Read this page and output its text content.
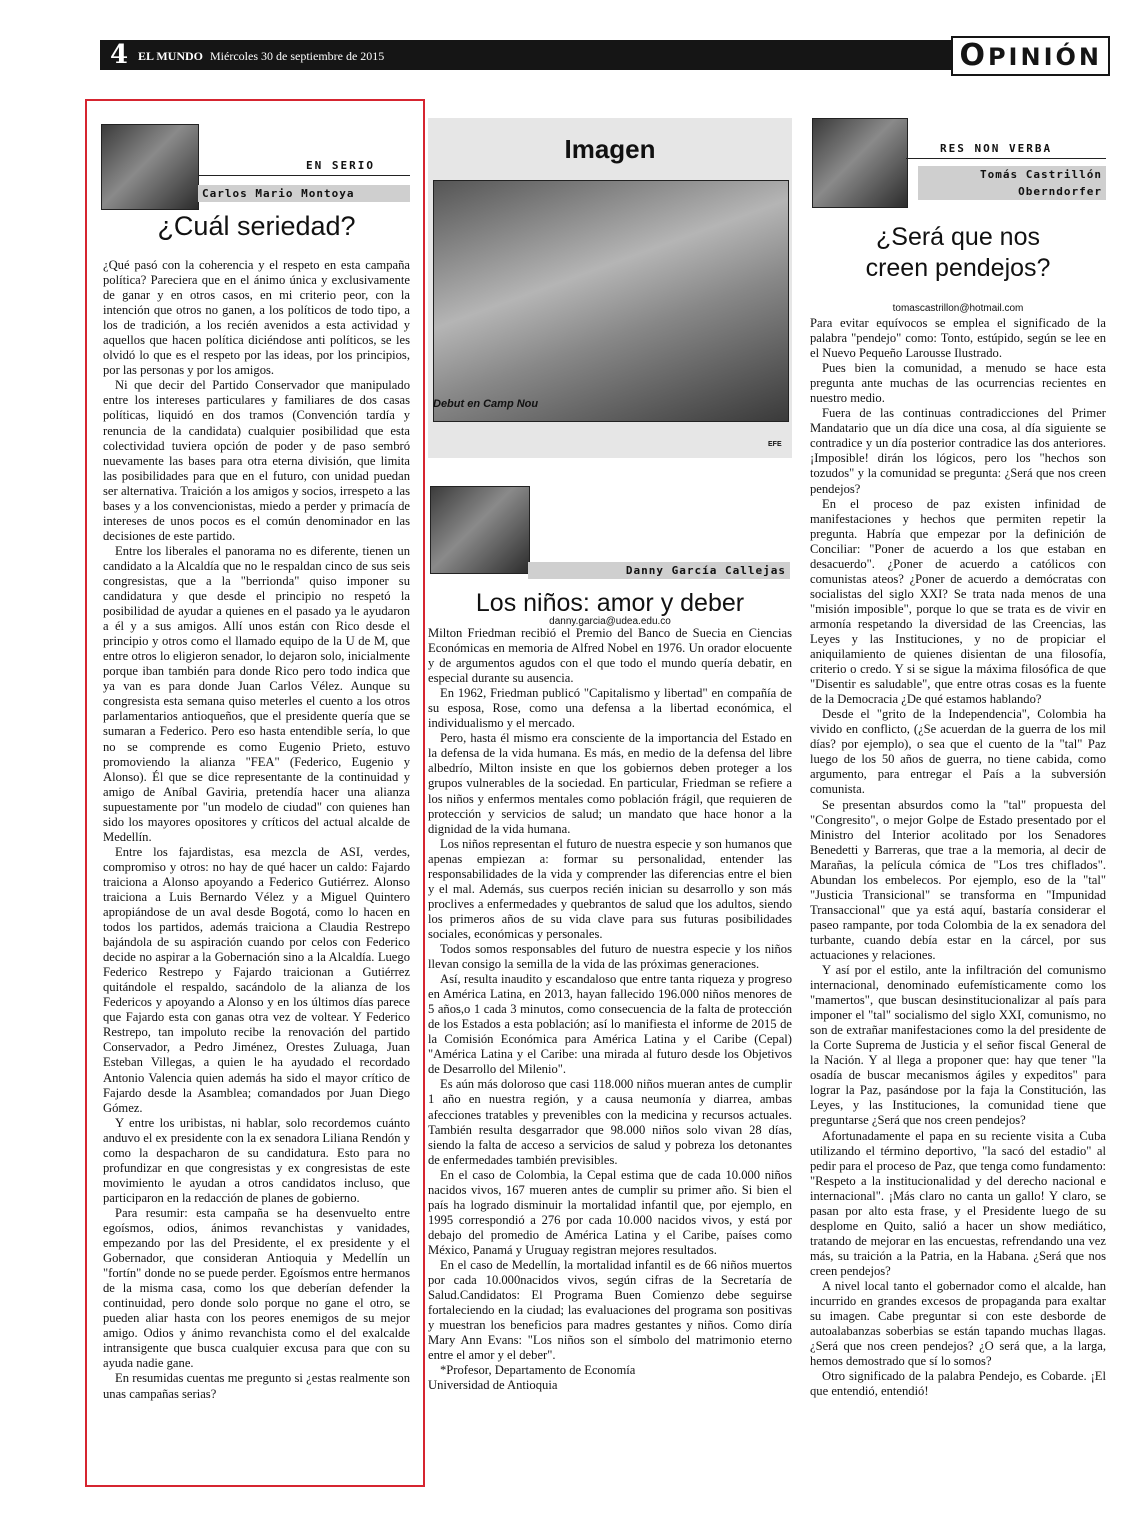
4 EL MUNDO Miércoles 30 de septiembre de 2015	OPINIÓN
EN SERIO
Carlos Mario Montoya
¿Cuál seriedad?

¿Qué pasó con la coherencia y el respeto en esta campaña política? Pareciera que en el ánimo única y exclusivamente de ganar y en otros casos, en mi criterio peor, con la intención que otros no ganen, a los políticos de todo tipo, a los de tradición, a los recién avenidos a esta actividad y aquellos que hacen política diciéndose anti políticos, se les olvidó lo que es el respeto por las ideas, por los principios, por las personas y por los amigos.

Ni que decir del Partido Conservador que manipulado entre los intereses particulares y familiares de dos casas políticas, liquidó en dos tramos (Convención tardía y renuncia de la candidata) cualquier posibilidad que esta colectividad tuviera opción de poder y de paso sembró nuevamente las bases para otra eterna división, que limita las posibilidades para que en el futuro, con unidad puedan ser alternativa. Traición a los amigos y socios, irrespeto a las bases y a los convencionistas, miedo a perder y primacía de intereses de unos pocos es el común denominador en las decisiones de este partido.

Entre los liberales el panorama no es diferente, tienen un candidato a la Alcaldía que no le respaldan cinco de sus seis congresistas, que a la "berrionda" quiso imponer su candidatura y que desde el principio no respetó la posibilidad de ayudar a quienes en el pasado ya le ayudaron a él y a sus amigos. Allí unos están con Rico desde el principio y otros como el llamado equipo de la U de M, que entre otros lo eligieron senador, lo dejaron solo, inicialmente porque iban también para donde Rico pero todo indica que ya van es para donde Juan Carlos Vélez. Aunque su congresista esta semana quiso meterles el cuento a los otros parlamentarios antioqueños, que el presidente quería que se sumaran a Federico. Pero eso hasta entendible sería, lo que no se comprende es como Eugenio Prieto, estuvo promoviendo la alianza "FEA" (Federico, Eugenio y Alonso). Él que se dice representante de la continuidad y amigo de Aníbal Gaviria, pretendía hacer una alianza supuestamente por "un modelo de ciudad" con quienes han sido los mayores opositores y críticos del actual alcalde de Medellín.

Entre los fajardistas, esa mezcla de ASI, verdes, compromiso y otros: no hay de qué hacer un caldo: Fajardo traiciona a Alonso apoyando a Federico Gutiérrez. Alonso traiciona a Luis Bernardo Vélez y a Miguel Quintero apropiándose de un aval desde Bogotá, como lo hacen en todos los partidos, además traiciona a Claudia Restrepo bajándola de su aspiración cuando por celos con Federico decide no aspirar a la Gobernación sino a la Alcaldía. Luego Federico Restrepo y Fajardo traicionan a Gutiérrez quitándole el respaldo, sacándolo de la alianza de los Federicos y apoyando a Alonso y en los últimos días parece que Fajardo esta con ganas otra vez de voltear. Y Federico Restrepo, tan impoluto recibe la renovación del partido Conservador, a Pedro Jiménez, Orestes Zuluaga, Juan Esteban Villegas, a quien le ha ayudado el recordado Antonio Valencia quien además ha sido el mayor crítico de Fajardo desde la Asamblea; comandados por Juan Diego Gómez.

Y entre los uribistas, ni hablar, solo recordemos cuánto anduvo el ex presidente con la ex senadora Liliana Rendón y como la despacharon de su candidatura. Esto para no profundizar en que congresistas y ex congresistas de este movimiento le ayudan a otros candidatos incluso, que participaron en la redacción de planes de gobierno.

Para resumir: esta campaña se ha desenvuelto entre egoísmos, odios, ánimos revanchistas y vanidades, empezando por las del Presidente, el ex presidente y el Gobernador, que consideran Antioquia y Medellín un "fortín" donde no se puede perder. Egoísmos entre hermanos de la misma casa, como los que deberían defender la continuidad, pero donde solo porque no gane el otro, se pueden aliar hasta con los peores enemigos de su mejor amigo. Odios y ánimo revanchista como el del exalcalde intransigente que busca cualquier excusa para que con su ayuda nadie gane.

En resumidas cuentas me pregunto si ¿estas realmente son unas campañas serias?

Imagen
Debut en Camp Nou
EFE
Danny García Callejas
Los niños: amor y deber
danny.garcia@udea.edu.co

Milton Friedman recibió el Premio del Banco de Suecia en Ciencias Económicas en memoria de Alfred Nobel en 1976. Un orador elocuente y de argumentos agudos con el que todo el mundo quería debatir, en especial durante su ausencia.

En 1962, Friedman publicó "Capitalismo y libertad" en compañía de su esposa, Rose, como una defensa a la libertad económica, el individualismo y el mercado.

Pero, hasta él mismo era consciente de la importancia del Estado en la defensa de la vida humana. Es más, en medio de la defensa del libre albedrío, Milton insiste en que los gobiernos deben proteger a los grupos vulnerables de la sociedad. En particular, Friedman se refiere a los niños y enfermos mentales como población frágil, que requieren de protección y servicios de salud; un mandato que hace honor a la dignidad de la vida humana.

Los niños representan el futuro de nuestra especie y son humanos que apenas empiezan a: formar su personalidad, entender las responsabilidades de la vida y comprender las diferencias entre el bien y el mal. Además, sus cuerpos recién inician su desarrollo y son más proclives a enfermedades y quebrantos de salud que los adultos, siendo los primeros años de su vida clave para sus futuras posibilidades sociales, económicas y personales.

Todos somos responsables del futuro de nuestra especie y los niños llevan consigo la semilla de la vida de las próximas generaciones.

Así, resulta inaudito y escandaloso que entre tanta riqueza y progreso en América Latina, en 2013, hayan fallecido 196.000 niños menores de 5 años,o 1 cada 3 minutos, como consecuencia de la falta de protección de los Estados a esta población; así lo manifiesta el informe de 2015 de la Comisión Económica para América Latina y el Caribe (Cepal) "América Latina y el Caribe: una mirada al futuro desde los Objetivos de Desarrollo del Milenio".

Es aún más doloroso que casi 118.000 niños mueran antes de cumplir 1 año en nuestra región, y a causa neumonía y diarrea, ambas afecciones tratables y prevenibles con la medicina y recursos actuales. También resulta desgarrador que 98.000 niños solo vivan 28 días, siendo la falta de acceso a servicios de salud y pobreza los detonantes de enfermedades también previsibles.

En el caso de Colombia, la Cepal estima que de cada 10.000 niños nacidos vivos, 167 mueren antes de cumplir su primer año. Si bien el país ha logrado disminuir la mortalidad infantil que, por ejemplo, en 1995 correspondió a 276 por cada 10.000 nacidos vivos, y está por debajo del promedio de América Latina y el Caribe, países como México, Panamá y Uruguay registran mejores resultados.

En el caso de Medellín, la mortalidad infantil es de 66 niños muertos por cada 10.000nacidos vivos, según cifras de la Secretaría de Salud.Candidatos: El Programa Buen Comienzo debe seguirse fortaleciendo en la ciudad; las evaluaciones del programa son positivas y muestran los beneficios para madres gestantes y niños. Como diría Mary Ann Evans: "Los niños son el símbolo del matrimonio eterno entre el amor y el deber".

*Profesor, Departamento de Economía

Universidad de Antioquia

RES NON VERBA
Tomás Castrillón
Oberndorfer
¿Será que nos
creen pendejos?
tomascastrillon@hotmail.com

Para evitar equívocos se emplea el significado de la palabra "pendejo" como: Tonto, estúpido, según se lee en el Nuevo Pequeño Larousse Ilustrado.

Pues bien la comunidad, a menudo se hace esta pregunta ante muchas de las ocurrencias recientes en nuestro medio.

Fuera de las continuas contradicciones del Primer Mandatario que un día dice una cosa, al día siguiente se contradice y un día posterior contradice las dos anteriores. ¡Imposible! dirán los lógicos, pero los "hechos son tozudos" y la comunidad se pregunta: ¿Será que nos creen pendejos?

En el proceso de paz existen infinidad de manifestaciones y hechos que permiten repetir la pregunta. Habría que empezar por la definición de Conciliar: "Poner de acuerdo a los que estaban en desacuerdo". ¿Poner de acuerdo a católicos con comunistas ateos? ¿Poner de acuerdo a demócratas con socialistas del siglo XXI? Se trata nada menos de una "misión imposible", porque lo que se trata es de vivir en armonía respetando la diversidad de las Creencias, las Leyes y las Instituciones, y no de propiciar el aniquilamiento de quienes disientan de una filosofía, criterio o credo. Y si se sigue la máxima filosófica de que "Disentir es saludable", que entre otras cosas es la fuente de la Democracia ¿De qué estamos hablando?

Desde el "grito de la Independencia", Colombia ha vivido en conflicto, (¿Se acuerdan de la guerra de los mil días? por ejemplo), o sea que el cuento de la "tal" Paz luego de los 50 años de guerra, no tiene cabida, como argumento, para entregar el País a la subversión comunista.

Se presentan absurdos como la "tal" propuesta del "Congresito", o mejor Golpe de Estado presentado por el Ministro del Interior acolitado por los Senadores Benedetti y Barreras, que trae a la memoria, al decir de Marañas, la película cómica de "Los tres chiflados". Abundan los embelecos. Por ejemplo, eso de la "tal" "Justicia Transicional" se transforma en "Impunidad Transaccional" que ya está aquí, bastaría considerar el paseo rampante, por toda Colombia de la ex senadora del turbante, cuando debía estar en la cárcel, por sus actuaciones y relaciones.

Y así por el estilo, ante la infiltración del comunismo internacional, denominado eufemísticamente como los "mamertos", que buscan desinstitucionalizar al país para imponer el "tal" socialismo del siglo XXI, comunismo, no son de extrañar manifestaciones como la del presidente de la Corte Suprema de Justicia y el señor fiscal General de la Nación. Y al llega a proponer que: hay que tener "la osadía de buscar mecanismos ágiles y expeditos" para lograr la Paz, pasándose por la faja la Constitución, las Leyes, y las Instituciones, la comunidad tiene que preguntarse ¿Será que nos creen pendejos?

Afortunadamente el papa en su reciente visita a Cuba utilizando el término deportivo, "la sacó del estadio" al pedir para el proceso de Paz, que tenga como fundamento: "Respeto a la institucionalidad y del derecho nacional e internacional". ¡Más claro no canta un gallo! Y claro, se pasan por alto esta frase, y el Presidente luego de su desplome en Quito, salió a hacer un show mediático, tratando de mejorar en las encuestas, refrendando una vez más, su traición a la Patria, en la Habana. ¿Será que nos creen pendejos?

A nivel local tanto el gobernador como el alcalde, han incurrido en grandes excesos de propaganda para exaltar su imagen. Cabe preguntar si con este desborde de autoalabanzas soberbias se están tapando muchas llagas. ¿Será que nos creen pendejos? ¿O será que, a la larga, hemos demostrado que sí lo somos?

Otro significado de la palabra Pendejo, es Cobarde. ¡El que entendió, entendió!
